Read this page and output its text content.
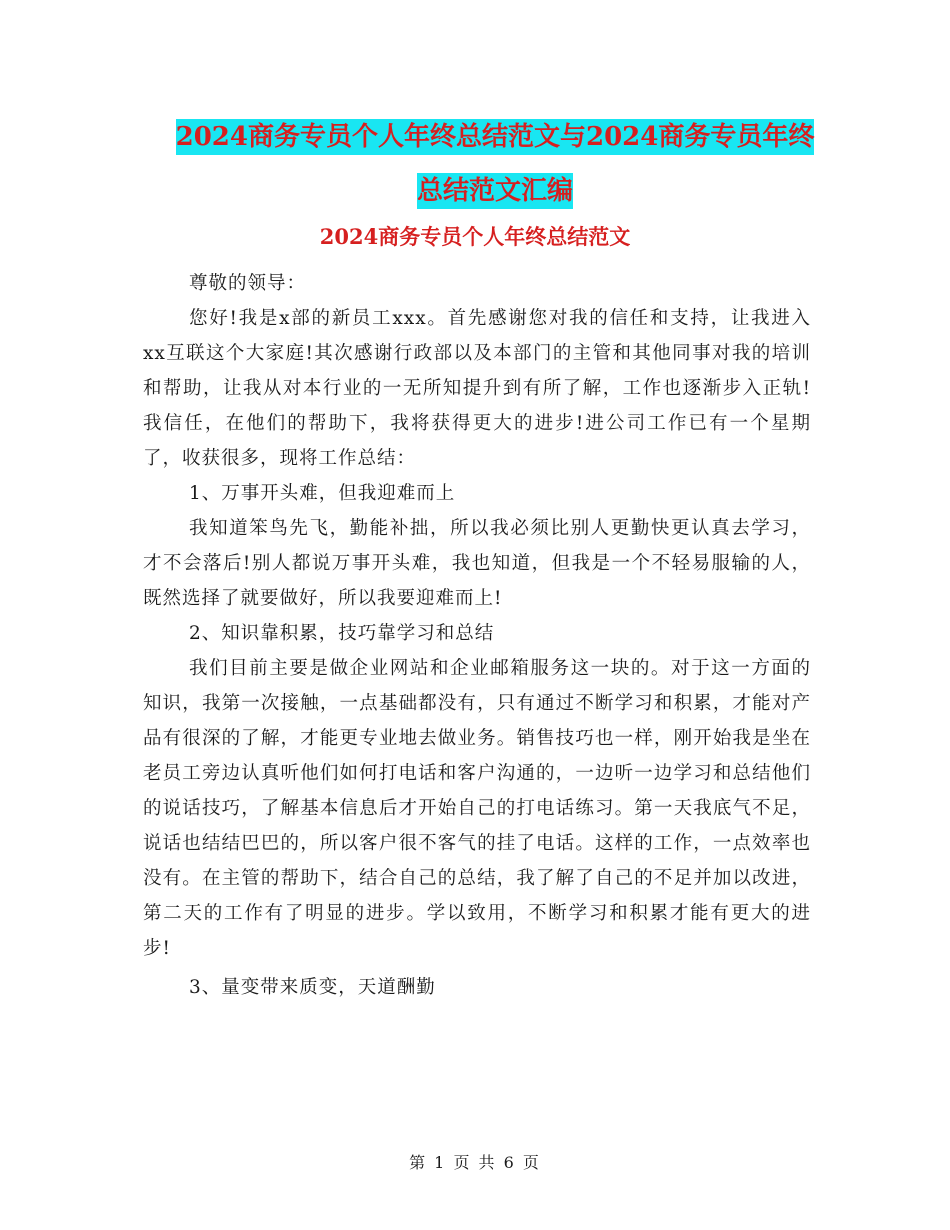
2024商务专员个人年终总结范文与2024商务专员年终
总结范文汇编
2024商务专员个人年终总结范文

尊敬的领导：

您好!我是x部的新员工xxx。首先感谢您对我的信任和支持，让我进入xx互联这个大家庭!其次感谢行政部以及本部门的主管和其他同事对我的培训和帮助，让我从对本行业的一无所知提升到有所了解，工作也逐渐步入正轨!我信任，在他们的帮助下，我将获得更大的进步!进公司工作已有一个星期了，收获很多，现将工作总结：

1、万事开头难，但我迎难而上

我知道笨鸟先飞，勤能补拙，所以我必须比别人更勤快更认真去学习，才不会落后!别人都说万事开头难，我也知道，但我是一个不轻易服输的人，既然选择了就要做好，所以我要迎难而上!

2、知识靠积累，技巧靠学习和总结

我们目前主要是做企业网站和企业邮箱服务这一块的。对于这一方面的知识，我第一次接触，一点基础都没有，只有通过不断学习和积累，才能对产品有很深的了解，才能更专业地去做业务。销售技巧也一样，刚开始我是坐在老员工旁边认真听他们如何打电话和客户沟通的，一边听一边学习和总结他们的说话技巧，了解基本信息后才开始自己的打电话练习。第一天我底气不足，说话也结结巴巴的，所以客户很不客气的挂了电话。这样的工作，一点效率也没有。在主管的帮助下，结合自己的总结，我了解了自己的不足并加以改进，第二天的工作有了明显的进步。学以致用，不断学习和积累才能有更大的进步!

3、量变带来质变，天道酬勤

第 1 页 共 6 页
